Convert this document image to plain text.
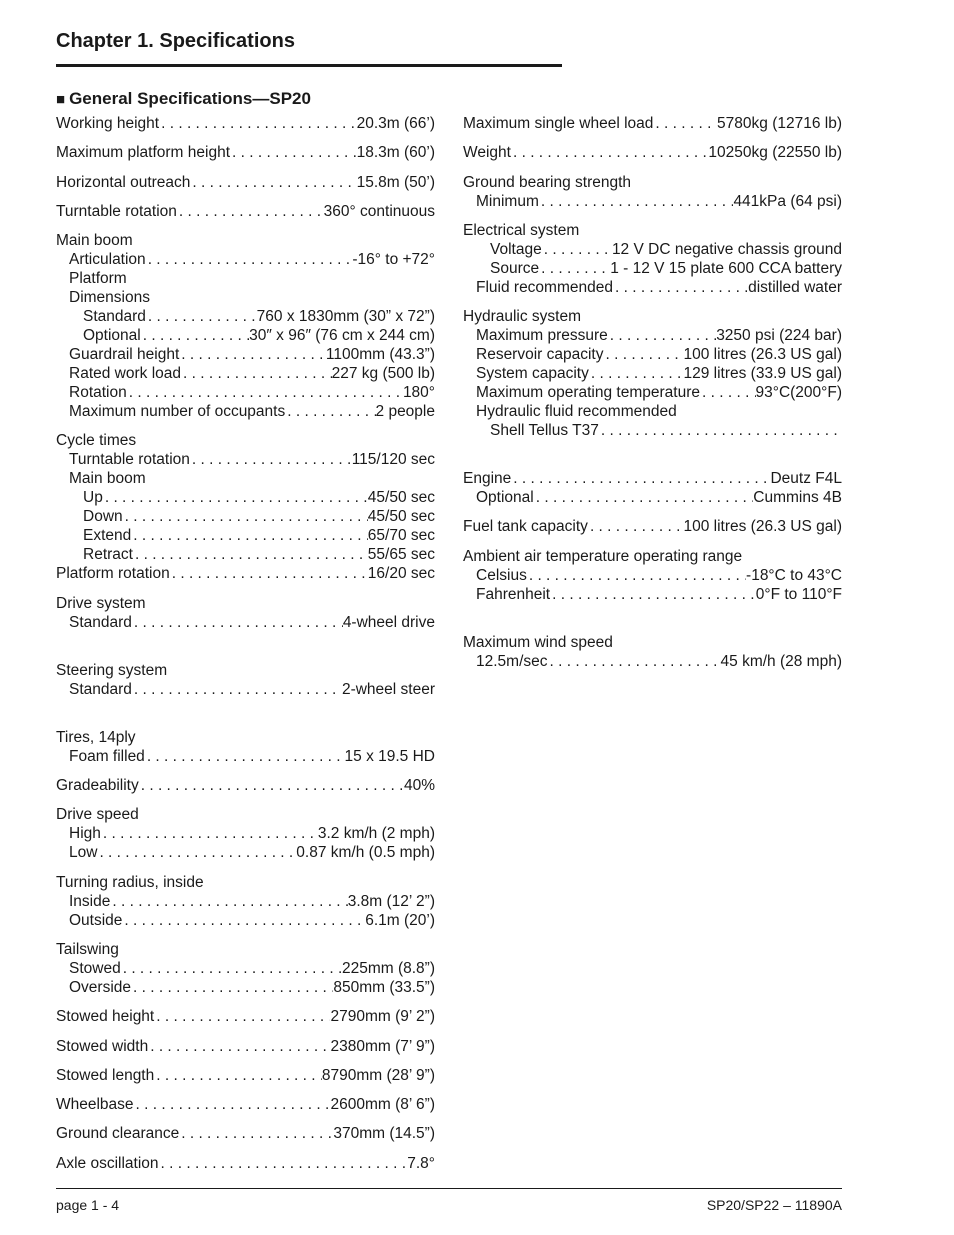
Chapter 1. Specifications
■ General Specifications—SP20
Working height . . .	20.3m (66’)
Maximum platform height . . .	18.3m (60’)
Horizontal outreach . . .	15.8m (50’)
Turntable rotation . . .	360° continuous
Main boom
Articulation . . .	-16° to +72°
Platform
Dimensions
Standard . . .	760 x 1830mm (30” x 72”)
Optional . . .	30″ x 96″ (76 cm x 244 cm)
Guardrail height . . .	1100mm (43.3”)
Rated work load . . .	227 kg (500 lb)
Rotation . . .	180°
Maximum number of occupants . . .	2 people
Cycle times
Turntable rotation . . .	115/120 sec
Main boom
Up . . .	45/50 sec
Down . . .	45/50 sec
Extend . . .	65/70 sec
Retract . . .	55/65 sec
Platform rotation . . .	16/20 sec
Drive system
Standard . . .	4-wheel drive
Steering system
Standard . . .	2-wheel steer
Tires, 14ply
Foam filled . . .	15 x 19.5 HD
Gradeability . . .	40%
Drive speed
High . . .	3.2 km/h (2 mph)
Low . . .	0.87 km/h (0.5 mph)
Turning radius, inside
Inside . . .	3.8m (12’ 2”)
Outside . . .	6.1m (20’)
Tailswing
Stowed . . .	225mm (8.8”)
Overside . . .	850mm (33.5”)
Stowed height . . .	2790mm (9’ 2”)
Stowed width . . .	2380mm (7’ 9”)
Stowed length . . .	8790mm (28’ 9”)
Wheelbase . . .	2600mm (8’ 6”)
Ground clearance . . .	370mm (14.5”)
Axle oscillation . . .	7.8°
Maximum single wheel load . . .	5780kg (12716 lb)
Weight . . .	10250kg (22550 lb)
Ground bearing strength
Minimum . . .	441kPa (64 psi)
Electrical system
Voltage . . .	12 V DC negative chassis ground
Source . . .	1 - 12 V 15 plate 600 CCA battery
Fluid recommended . . .	distilled water
Hydraulic system
Maximum pressure . . .	3250 psi (224 bar)
Reservoir capacity . . .	100 litres (26.3 US gal)
System capacity . . .	129 litres (33.9 US gal)
Maximum operating temperature . . .	93°C(200°F)
Hydraulic fluid recommended
Shell Tellus T37
. . .
Engine . . .	Deutz F4L
Optional . . .	Cummins 4B
Fuel tank capacity . . .	100 litres (26.3 US gal)
Ambient air temperature operating range
Celsius . . .	-18°C to 43°C
Fahrenheit . . .	0°F to 110°F
Maximum wind speed
12.5m/sec . . .	45 km/h (28 mph)
page 1 - 4	SP20/SP22 – 11890A
